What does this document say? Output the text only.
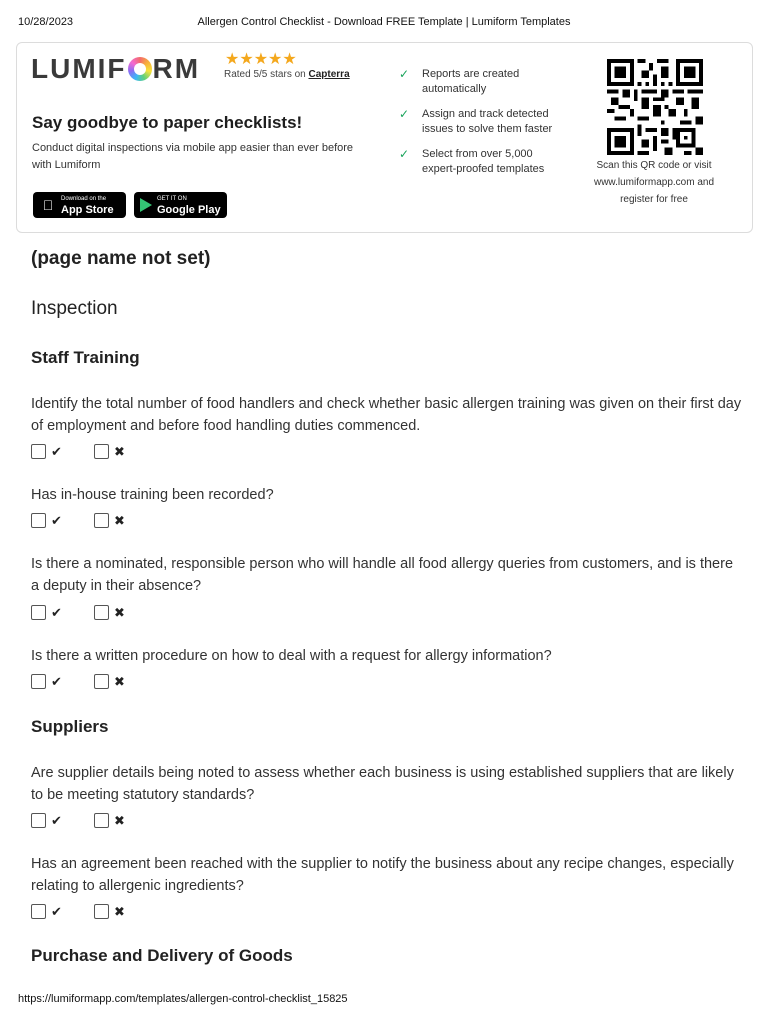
10/28/2023	Allergen Control Checklist - Download FREE Template | Lumiform Templates
LUMIF RM ★★★★★
Rated 5/5 stars on Capterra
Say goodbye to paper checklists!
Conduct digital inspections via mobile app easier than ever before with Lumiform
Download on the
App Store
GET IT ON
Google Play
✓ Reports are created automatically
✓ Assign and track detected issues to solve them faster
✓ Select from over 5,000 expert-proofed templates	Scan this QR code or visit www.lumiformapp.com and register for free
(page name not set)
Inspection
Staff Training
Identify the total number of food handlers and check whether basic allergen training was given on their first day of employment and before food handling duties commenced.
✔	✖
Has in-house training been recorded?
✔	✖
Is there a nominated, responsible person who will handle all food allergy queries from customers, and is there a deputy in their absence?
✔	✖
Is there a written procedure on how to deal with a request for allergy information?
✔	✖
Suppliers
Are supplier details being noted to assess whether each business is using established suppliers that are likely to be meeting statutory standards?
✔	✖
Has an agreement been reached with the supplier to notify the business about any recipe changes, especially relating to allergenic ingredients?
✔	✖
Purchase and Delivery of Goods
https://lumiformapp.com/templates/allergen-control-checklist_15825
